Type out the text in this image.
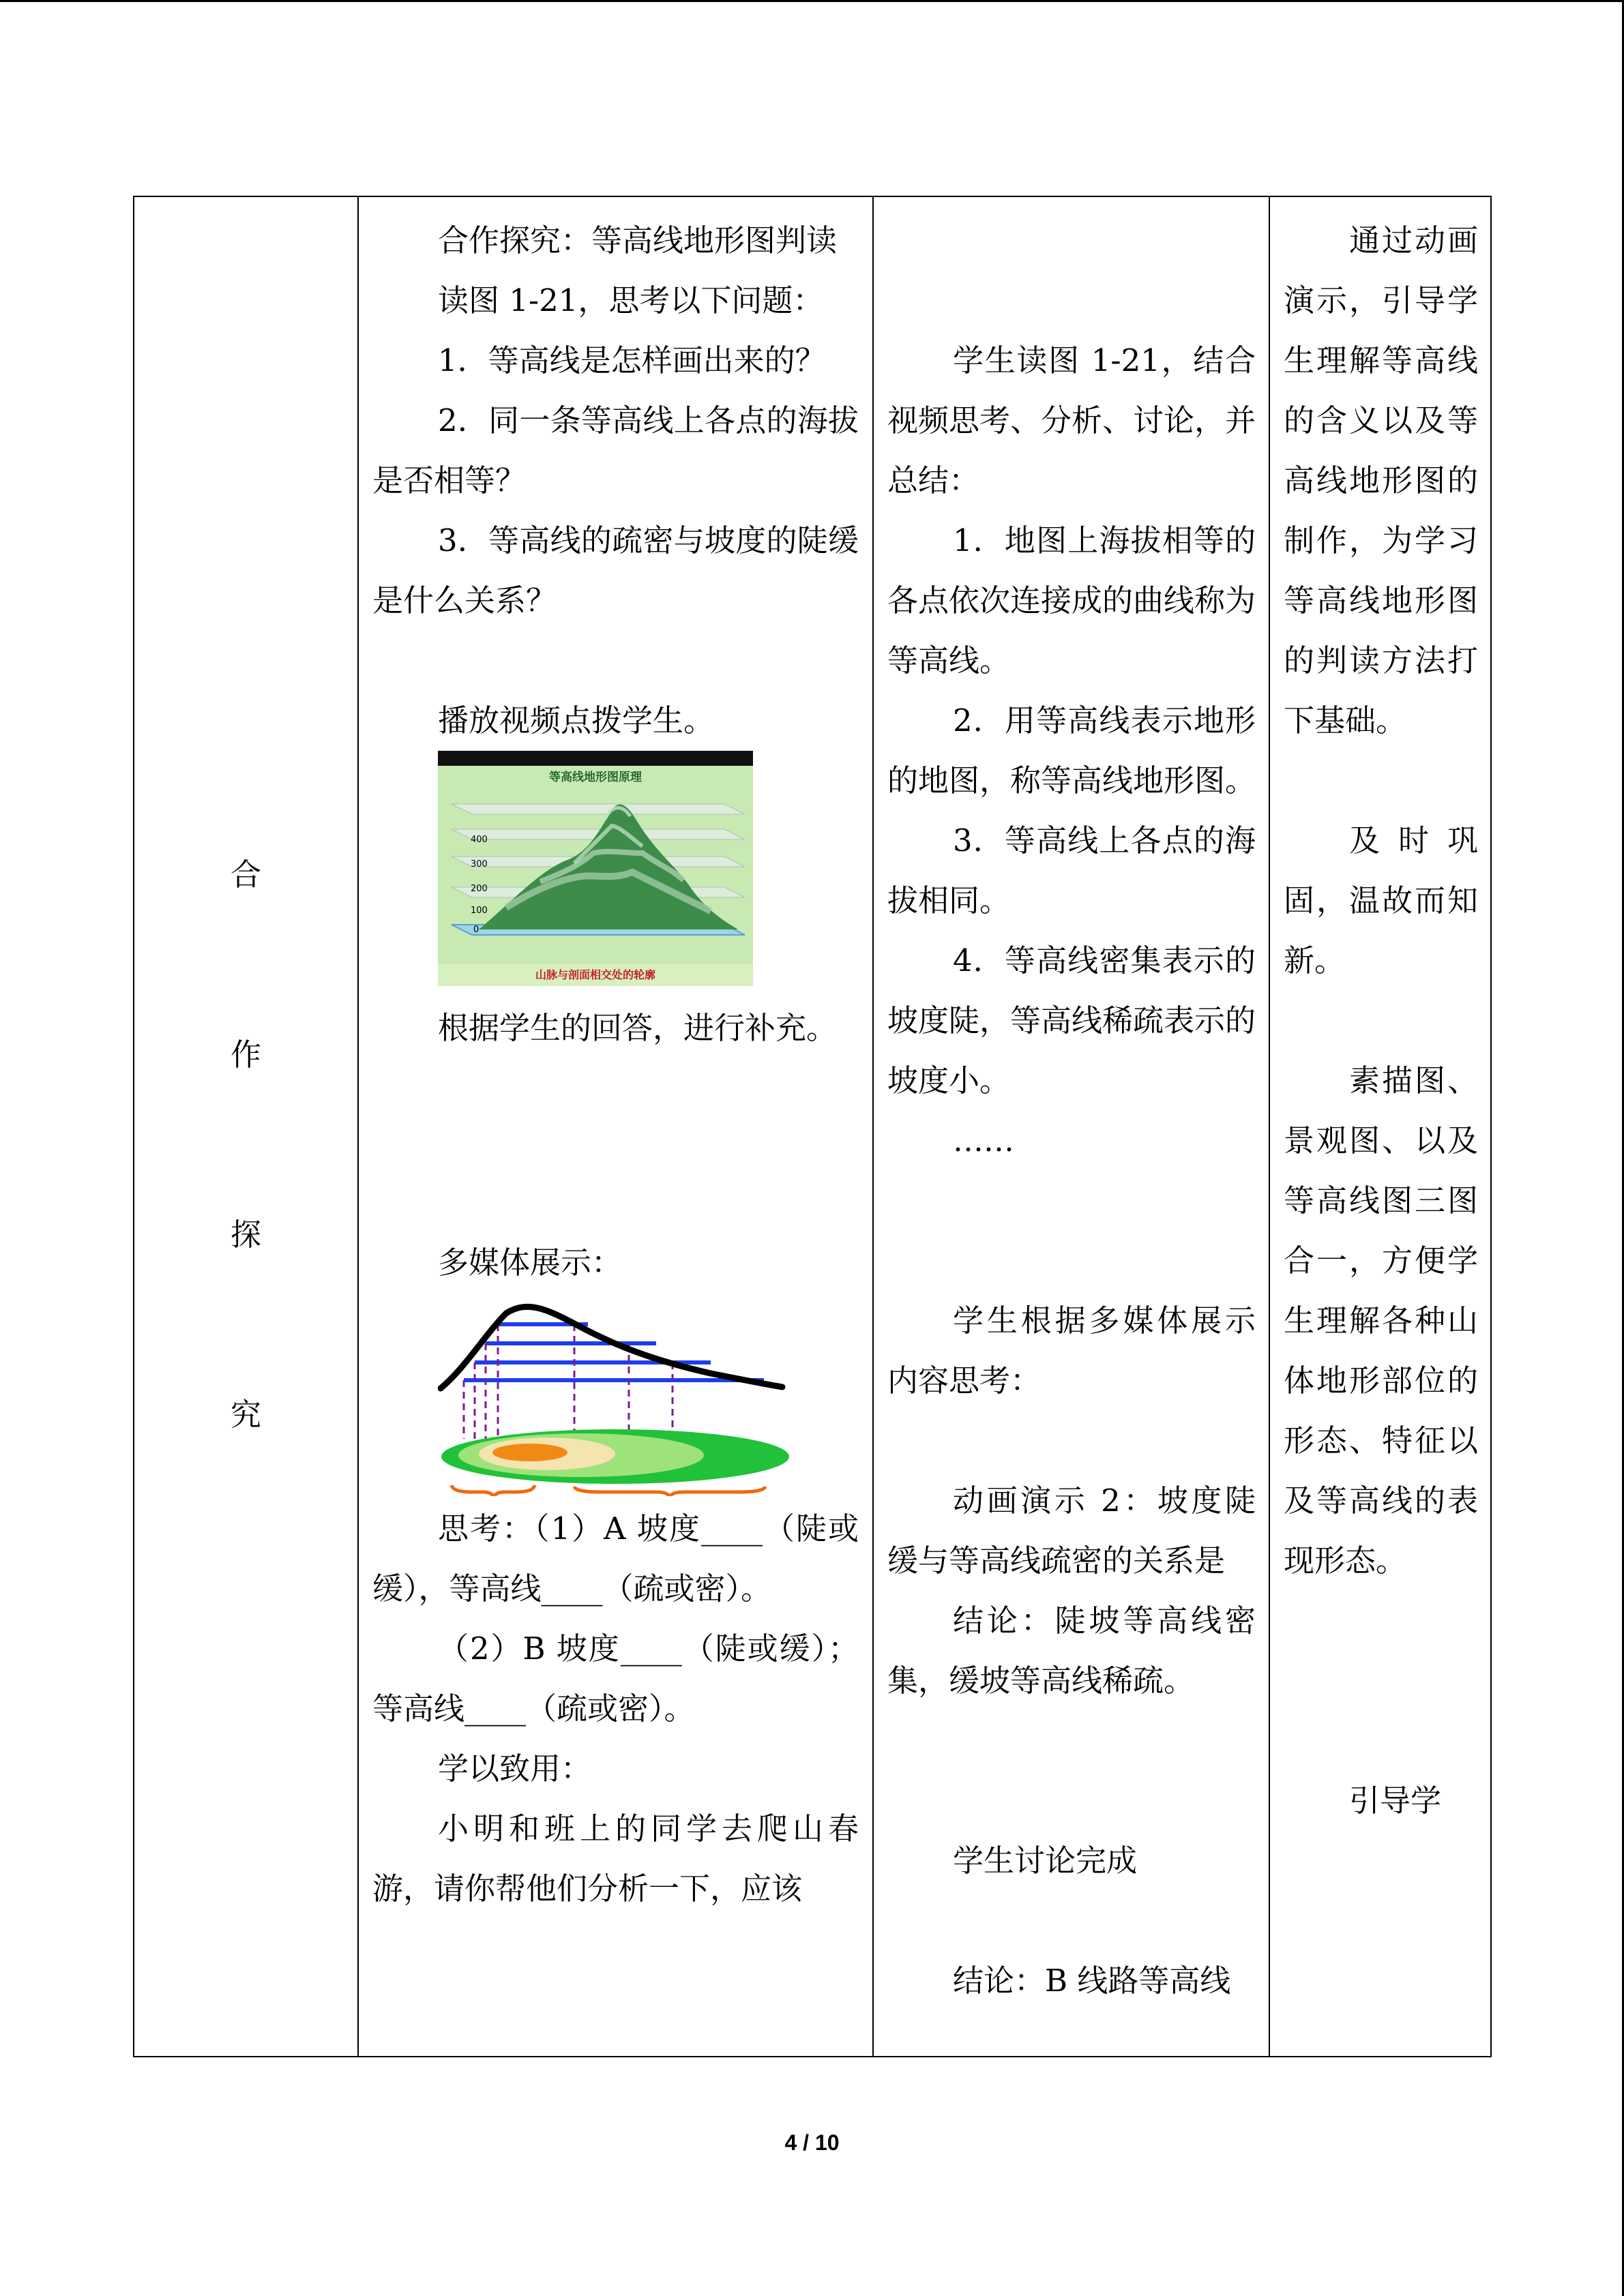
合
作
探
究

合作探究：等高线地形图判读

读图 1-21，思考以下问题：

1．等高线是怎样画出来的？

2．同一条等高线上各点的海拔是否相等？

3．等高线的疏密与坡度的陡缓是什么关系？

播放视频点拨学生。

等高线地形图原理
400
300
200
100
0
山脉与剖面相交处的轮廓

根据学生的回答，进行补充。

多媒体展示：

思考：（1）A 坡度____（陡或缓），等高线____（疏或密）。

（2）B 坡度____（陡或缓）；等高线____（疏或密）。

学以致用：

小明和班上的同学去爬山春游，请你帮他们分析一下，应该

学生读图 1-21，结合视频思考、分析、讨论，并总结：

1．地图上海拔相等的各点依次连接成的曲线称为等高线。

2．用等高线表示地形的地图，称等高线地形图。

3．等高线上各点的海拔相同。

4．等高线密集表示的坡度陡，等高线稀疏表示的坡度小。

……

学生根据多媒体展示内容思考：

动画演示 2：坡度陡缓与等高线疏密的关系是

结论：陡坡等高线密集，缓坡等高线稀疏。

学生讨论完成

结论：B 线路等高线

通过动画演示，引导学生理解等高线的含义以及等高线地形图的制作，为学习等高线地形图的判读方法打下基础。

及时巩固，温故而知新。

素描图、景观图、以及等高线图三图合一，方便学生理解各种山体地形部位的形态、特征以及等高线的表现形态。

引导学

4 / 10
